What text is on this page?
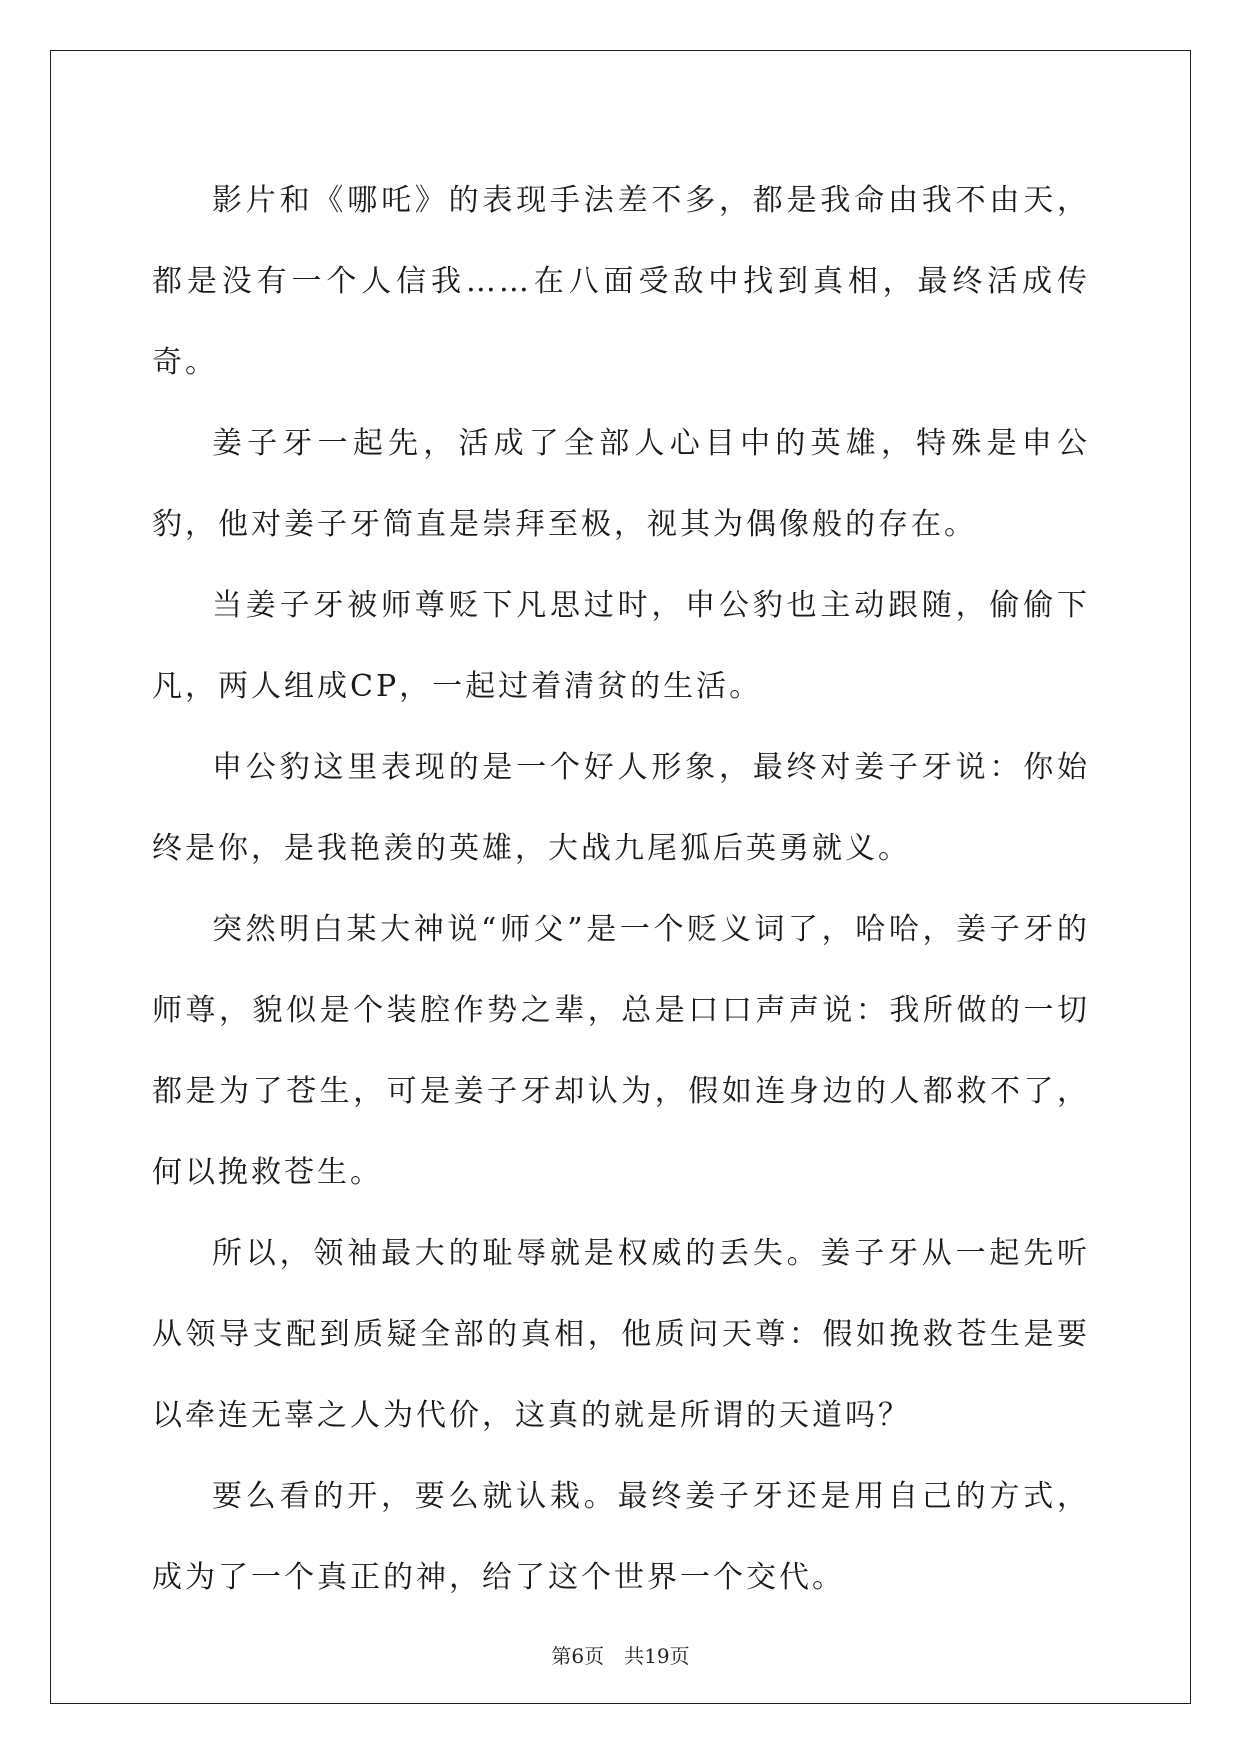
影片和《哪吒》的表现手法差不多，都是我命由我不由天，都是没有一个人信我……在八面受敌中找到真相，最终活成传奇。

姜子牙一起先，活成了全部人心目中的英雄，特殊是申公豹，他对姜子牙简直是崇拜至极，视其为偶像般的存在。

当姜子牙被师尊贬下凡思过时，申公豹也主动跟随，偷偷下凡，两人组成CP，一起过着清贫的生活。

申公豹这里表现的是一个好人形象，最终对姜子牙说：你始终是你，是我艳羡的英雄，大战九尾狐后英勇就义。

突然明白某大神说“师父”是一个贬义词了，哈哈，姜子牙的师尊，貌似是个装腔作势之辈，总是口口声声说：我所做的一切都是为了苍生，可是姜子牙却认为，假如连身边的人都救不了，何以挽救苍生。

所以，领袖最大的耻辱就是权威的丢失。姜子牙从一起先听从领导支配到质疑全部的真相，他质问天尊：假如挽救苍生是要以牵连无辜之人为代价，这真的就是所谓的天道吗？

要么看的开，要么就认栽。最终姜子牙还是用自己的方式，成为了一个真正的神，给了这个世界一个交代。

第6页 共19页
